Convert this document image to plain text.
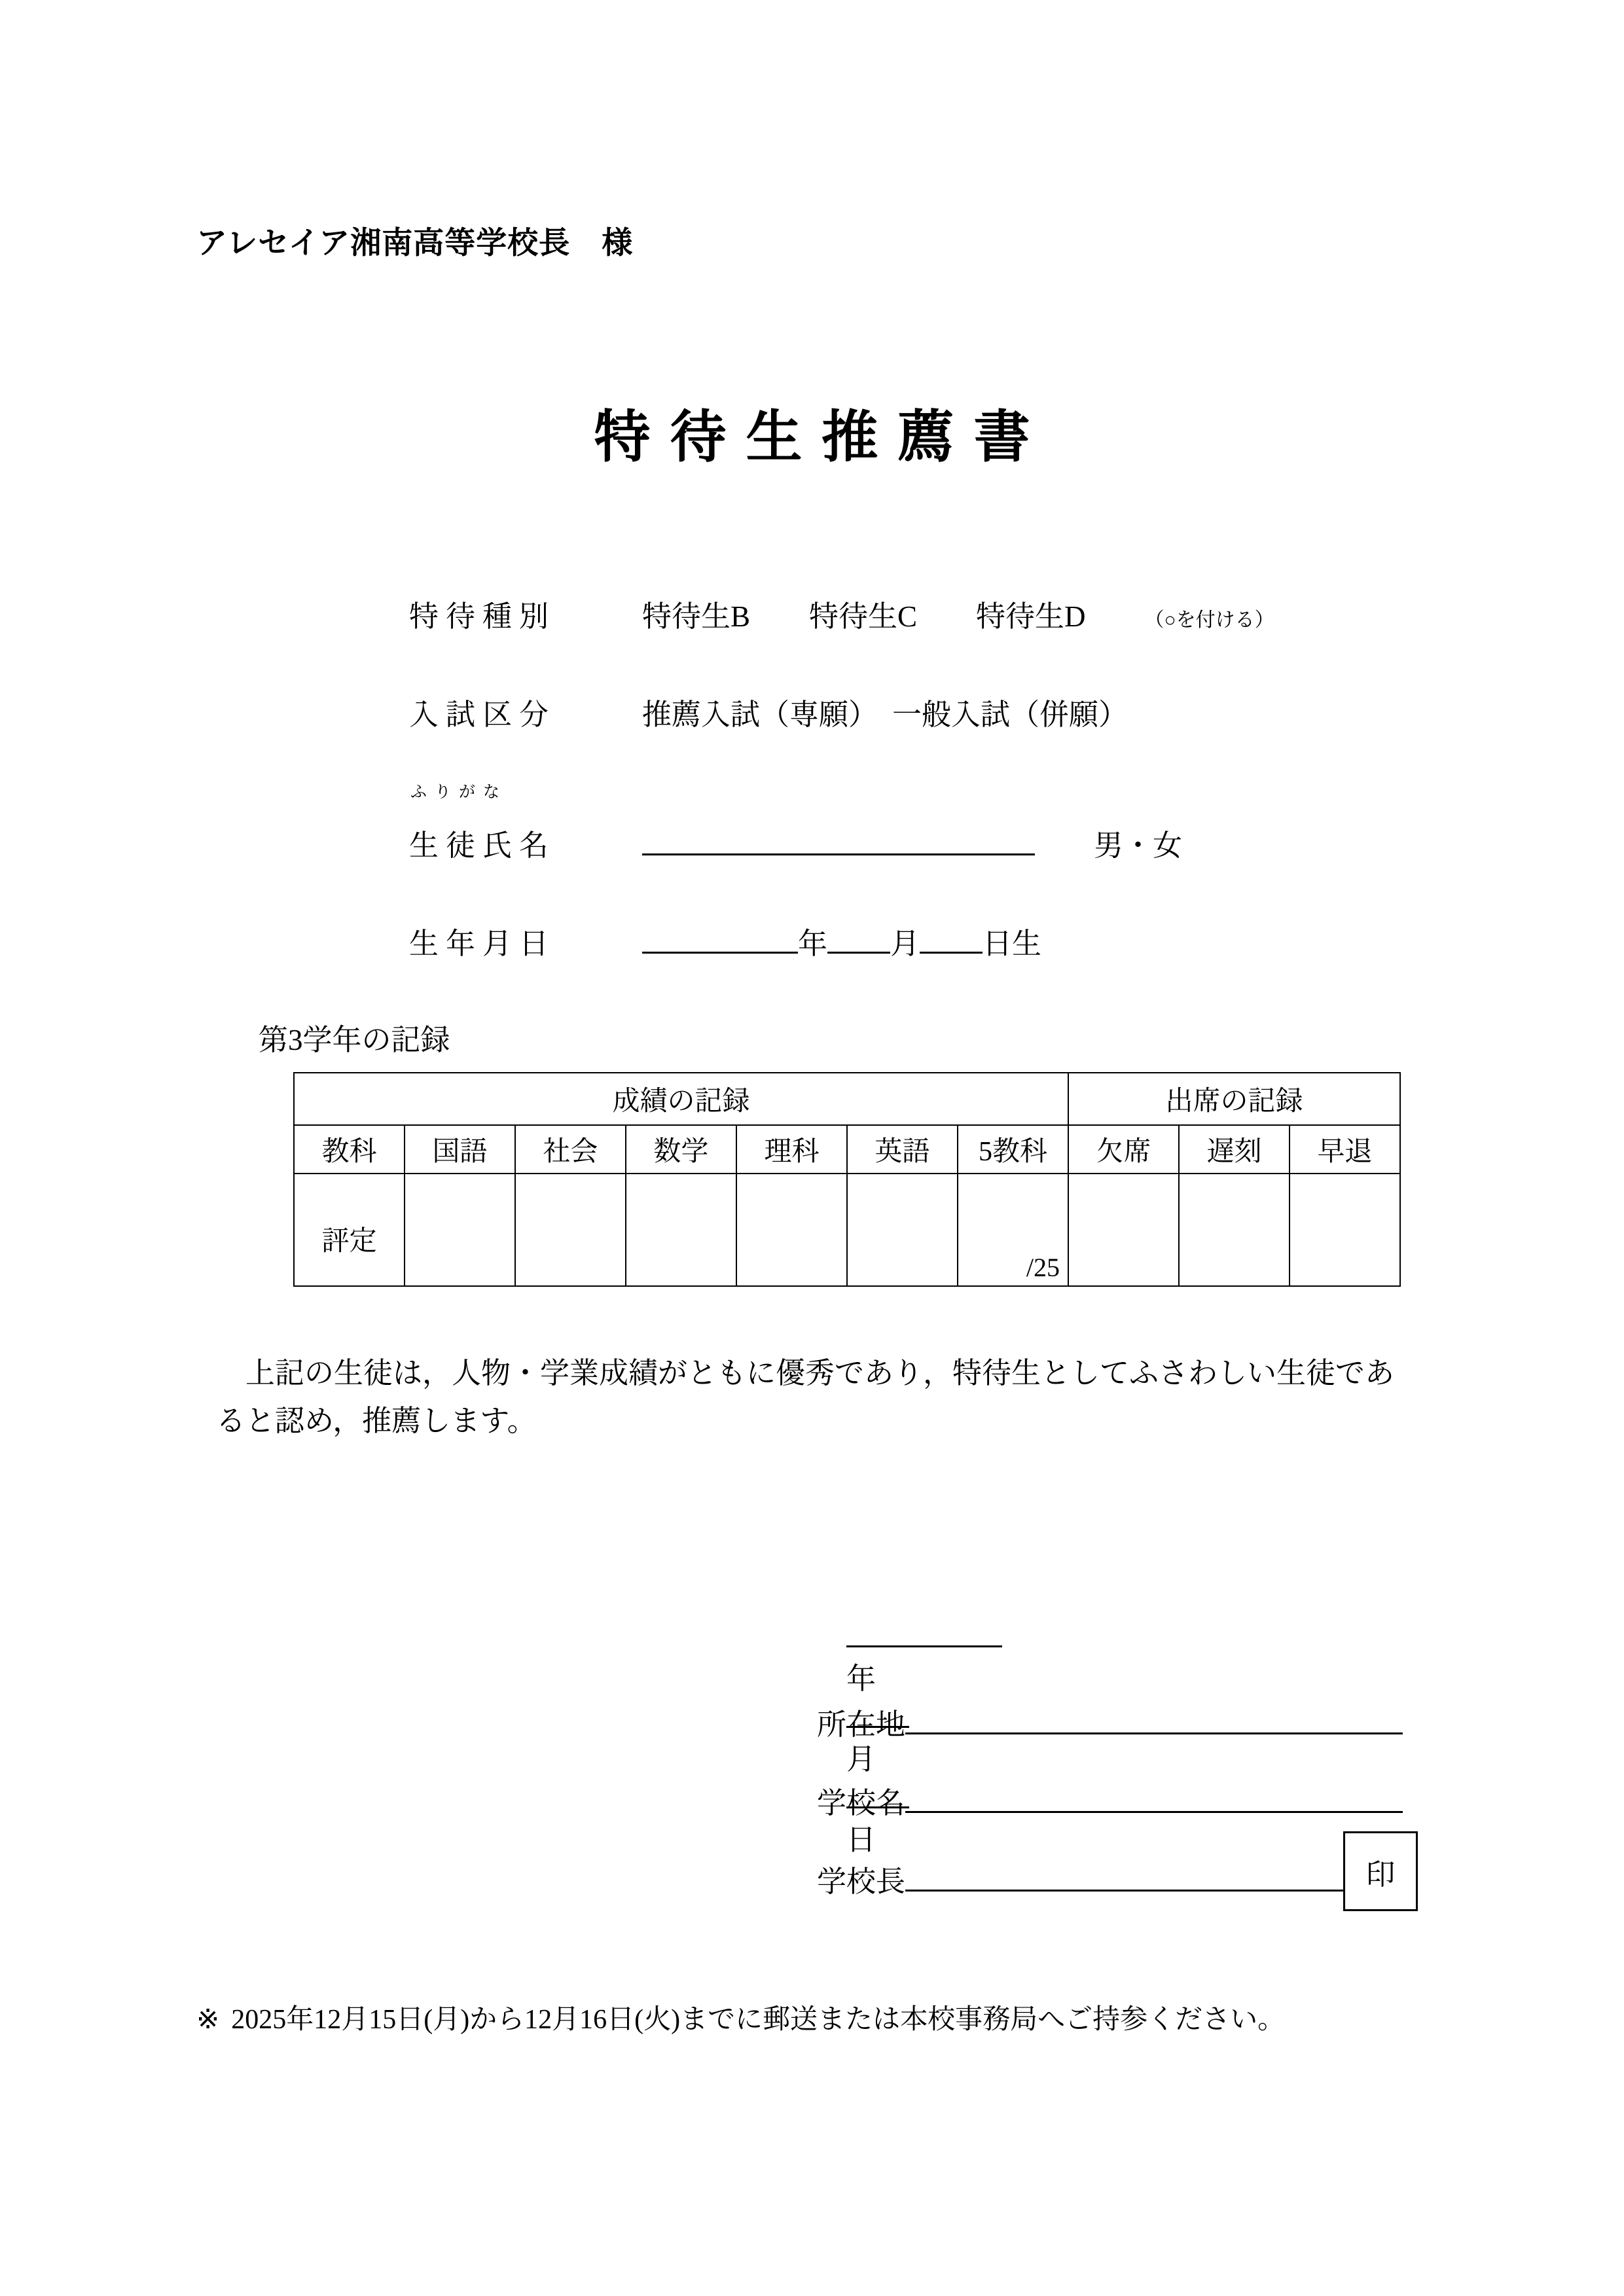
アレセイア湘南高等学校長　様
特待生推薦書
特待種別	特待生B 特待生C 特待生D	（○を付ける）
入試区分	推薦入試（専願） 一般入試（併願）
ふりがな
生徒氏名	男・女
生年月日	年 月 日生
第3学年の記録
成績の記録							出席の記録		
教科	国語	社会	数学	理科	英語	5教科	欠席	遅刻	早退
評定						/25			

上記の生徒は，人物・学業成績がともに優秀であり，特待生としてふさわしい生徒であると認め，推薦します。

年

月

日

所在地
学校名
学校長	印
※ 2025年12月15日(月)から12月16日(火)までに郵送または本校事務局へご持参ください。
